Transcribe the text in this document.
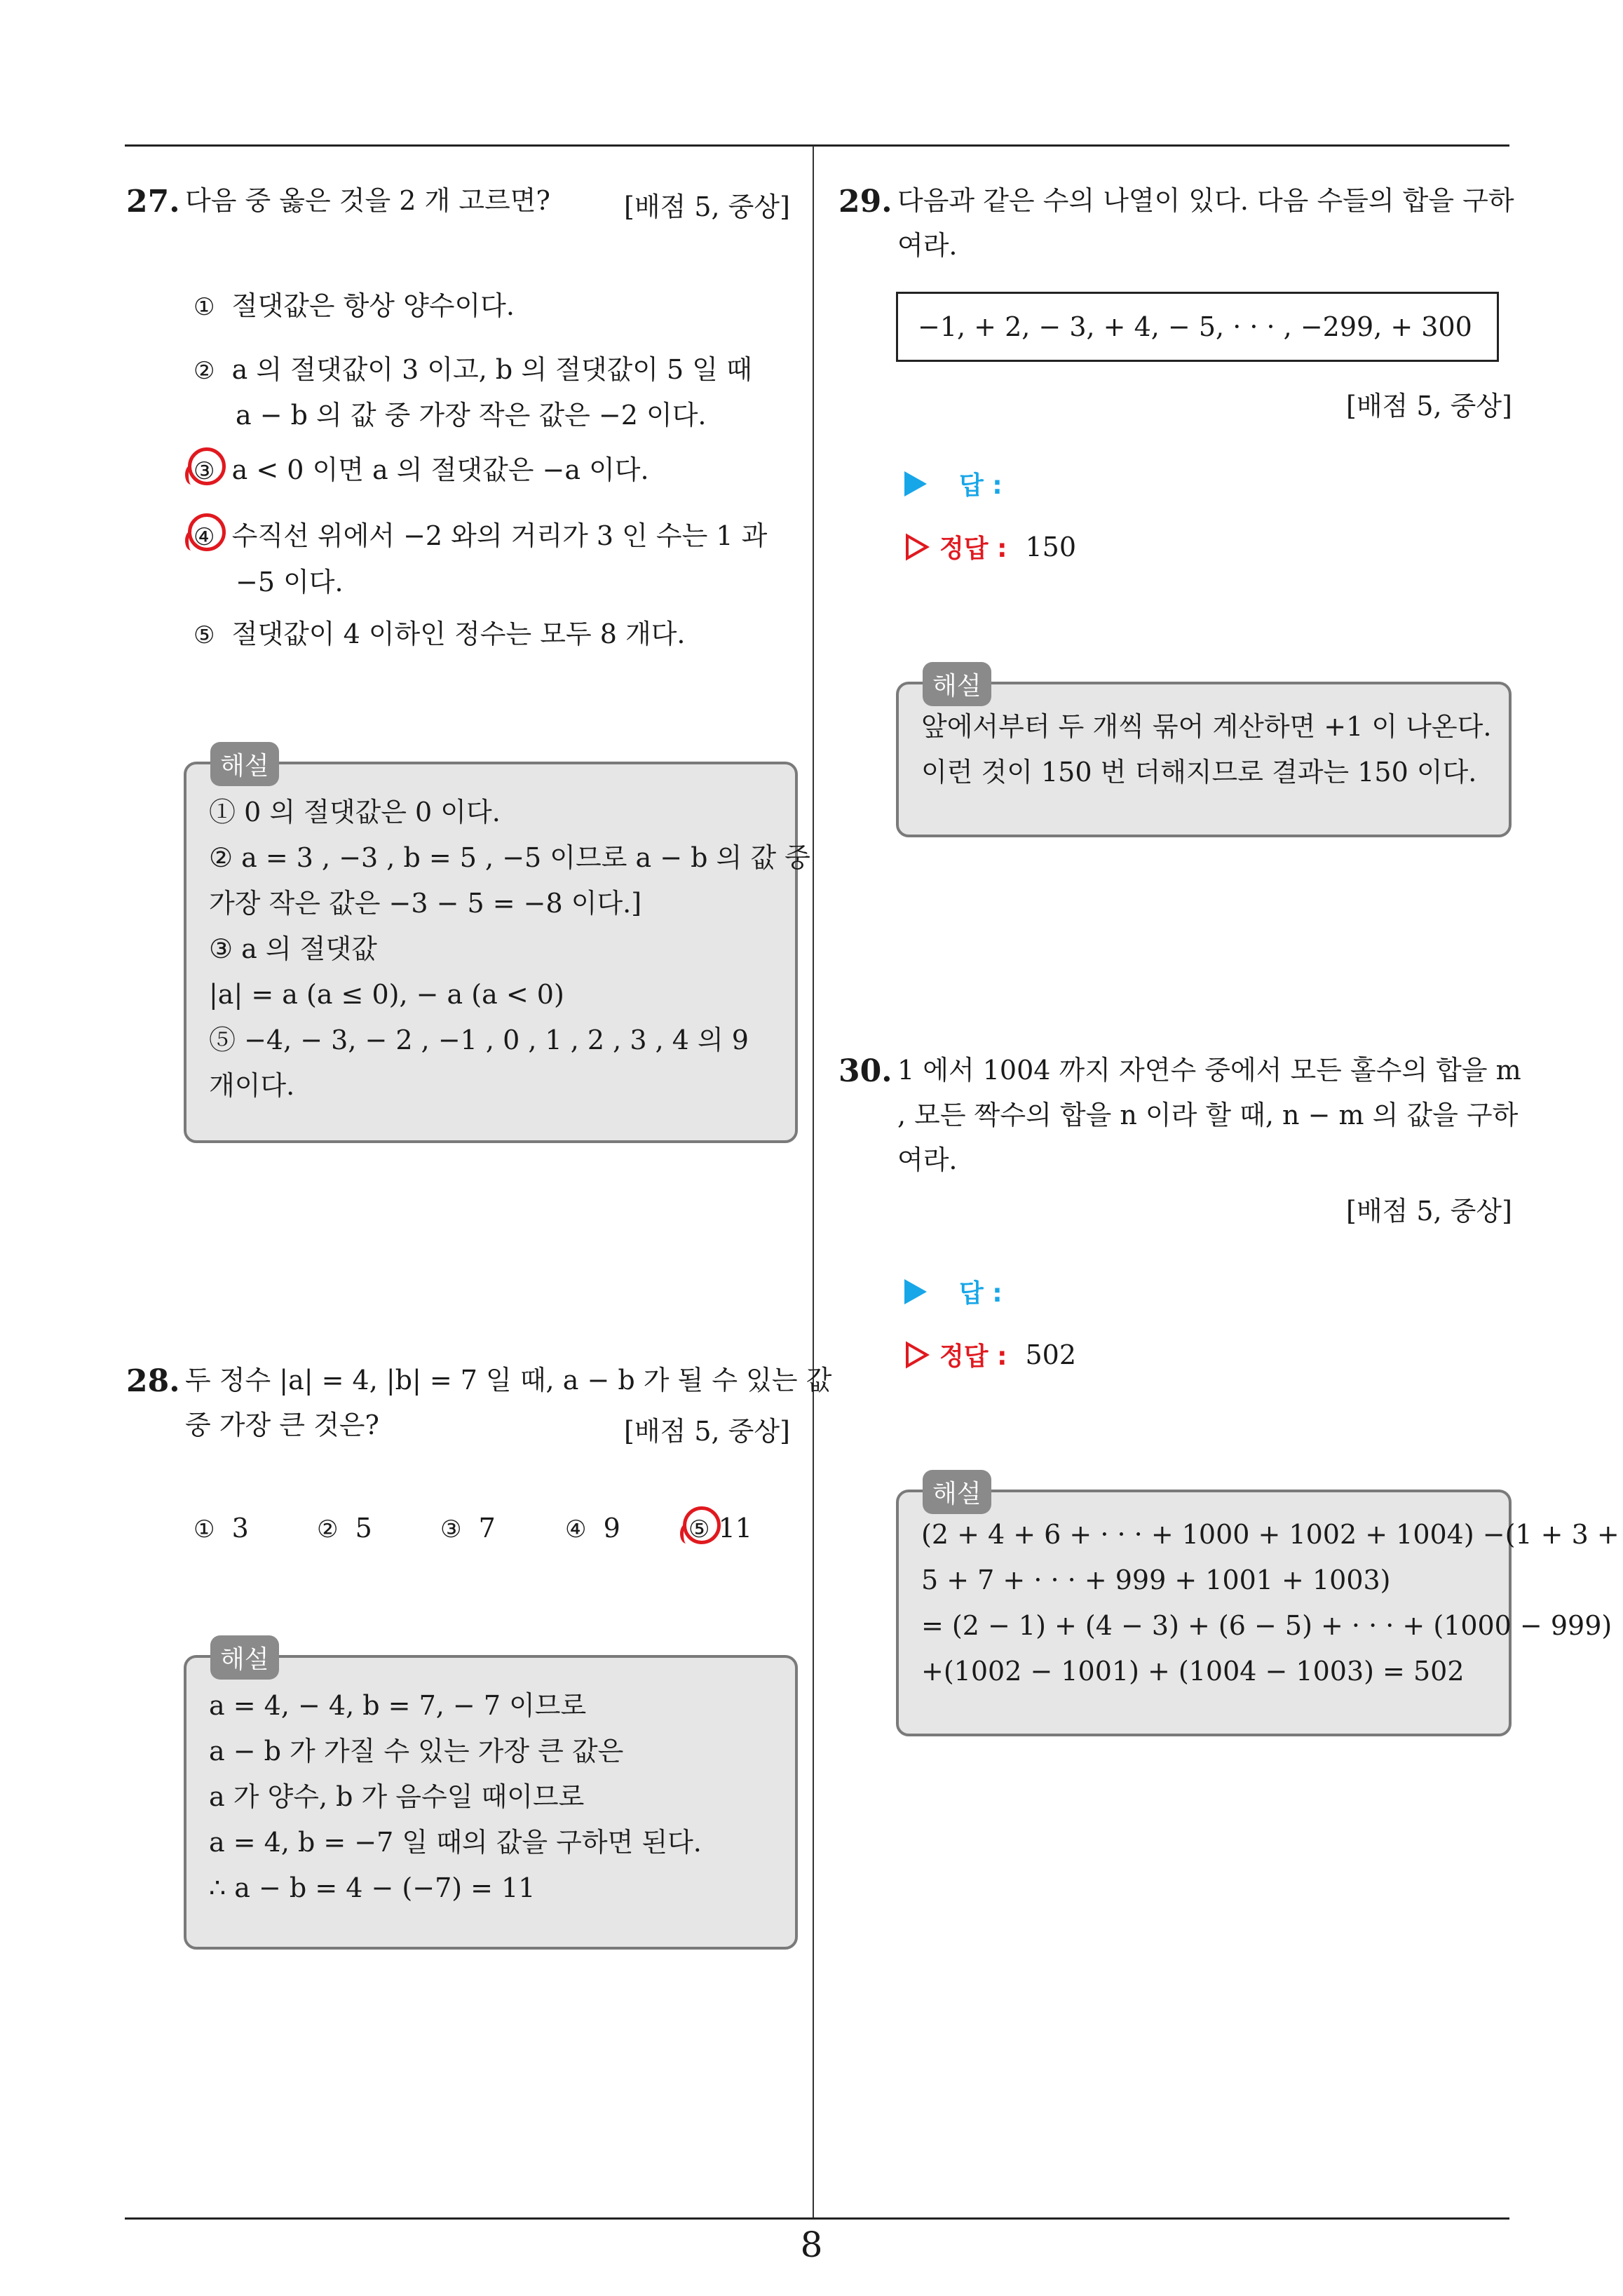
27. 다음 중 옳은 것을 2 개 고르면?	[배점 5, 중상]
① 절댓값은 항상 양수이다.
② a 의 절댓값이 3 이고, b 의 절댓값이 5 일 때
a − b 의 값 중 가장 작은 값은 −2 이다.
③ a < 0 이면 a 의 절댓값은 −a 이다.
④ 수직선 위에서 −2 와의 거리가 3 인 수는 1 과
−5 이다.
⑤ 절댓값이 4 이하인 정수는 모두 8 개다.
① 0 의 절댓값은 0 이다.
② a = 3 , −3 , b = 5 , −5 이므로 a − b 의 값 중
가장 작은 값은 −3 − 5 = −8 이다.]
③ a 의 절댓값
|a| = a (a ≤ 0), − a (a < 0)
⑤ −4, − 3, − 2 , −1 , 0 , 1 , 2 , 3 , 4 의 9
개이다.
해설
28. 두 정수 |a| = 4, |b| = 7 일 때, a − b 가 될 수 있는 값
중 가장 큰 것은?	[배점 5, 중상]
① 3	② 5	③ 7	④ 9	⑤ 11
a = 4, − 4, b = 7, − 7 이므로
a − b 가 가질 수 있는 가장 큰 값은
a 가 양수, b 가 음수일 때이므로
a = 4, b = −7 일 때의 값을 구하면 된다.
∴ a − b = 4 − (−7) = 11
해설
29. 다음과 같은 수의 나열이 있다. 다음 수들의 합을 구하
여라.
−1, + 2, − 3, + 4, − 5, · · · , −299, + 300
[배점 5, 중상]
답 :
정답 : 150
앞에서부터 두 개씩 묶어 계산하면 +1 이 나온다.
이런 것이 150 번 더해지므로 결과는 150 이다.
해설
30. 1 에서 1004 까지 자연수 중에서 모든 홀수의 합을 m
, 모든 짝수의 합을 n 이라 할 때, n − m 의 값을 구하
여라.
[배점 5, 중상]
답 :
정답 : 502
(2 + 4 + 6 + · · · + 1000 + 1002 + 1004) −(1 + 3 +
5 + 7 + · · · + 999 + 1001 + 1003)
= (2 − 1) + (4 − 3) + (6 − 5) + · · · + (1000 − 999)
+(1002 − 1001) + (1004 − 1003) = 502
해설
8
